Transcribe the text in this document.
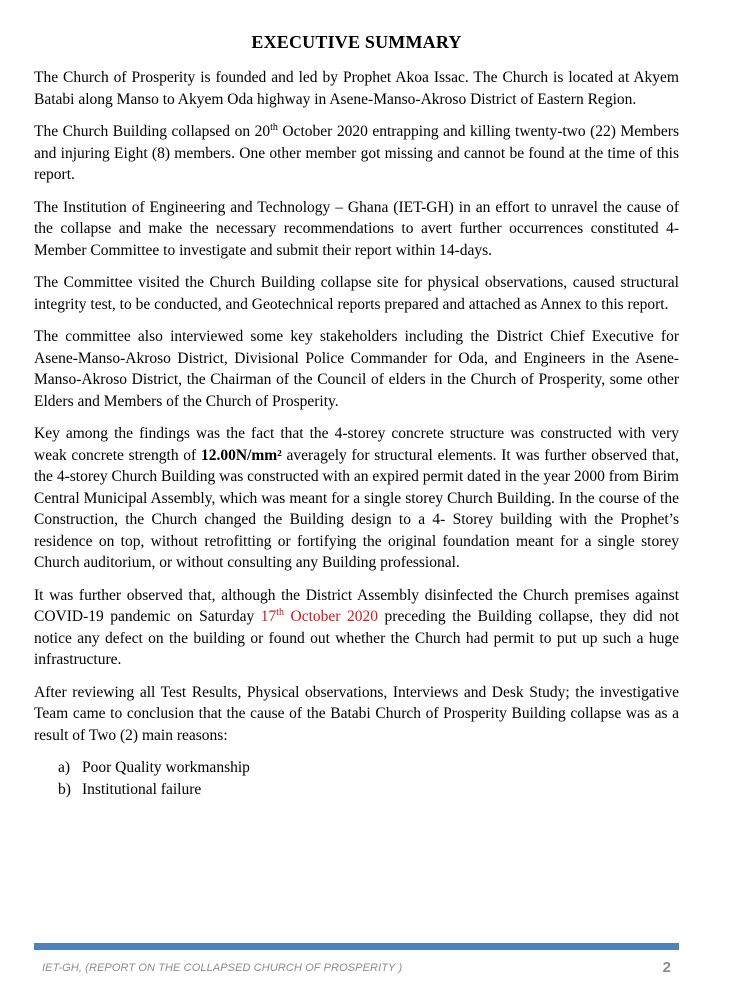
EXECUTIVE SUMMARY

The Church of Prosperity is founded and led by Prophet Akoa Issac. The Church is located at Akyem Batabi along Manso to Akyem Oda highway in Asene-Manso-Akroso District of Eastern Region.

The Church Building collapsed on 20th October 2020 entrapping and killing twenty-two (22) Members and injuring Eight (8) members. One other member got missing and cannot be found at the time of this report.

The Institution of Engineering and Technology – Ghana (IET-GH) in an effort to unravel the cause of the collapse and make the necessary recommendations to avert further occurrences constituted 4-Member Committee to investigate and submit their report within 14-days.

The Committee visited the Church Building collapse site for physical observations, caused structural integrity test, to be conducted, and Geotechnical reports prepared and attached as Annex to this report.

The committee also interviewed some key stakeholders including the District Chief Executive for Asene-Manso-Akroso District, Divisional Police Commander for Oda, and Engineers in the Asene-Manso-Akroso District, the Chairman of the Council of elders in the Church of Prosperity, some other Elders and Members of the Church of Prosperity.

Key among the findings was the fact that the 4-storey concrete structure was constructed with very weak concrete strength of 12.00N/mm² averagely for structural elements. It was further observed that, the 4-storey Church Building was constructed with an expired permit dated in the year 2000 from Birim Central Municipal Assembly, which was meant for a single storey Church Building. In the course of the Construction, the Church changed the Building design to a 4- Storey building with the Prophet’s residence on top, without retrofitting or fortifying the original foundation meant for a single storey Church auditorium, or without consulting any Building professional.

It was further observed that, although the District Assembly disinfected the Church premises against COVID-19 pandemic on Saturday 17th October 2020 preceding the Building collapse, they did not notice any defect on the building or found out whether the Church had permit to put up such a huge infrastructure.

After reviewing all Test Results, Physical observations, Interviews and Desk Study; the investigative Team came to conclusion that the cause of the Batabi Church of Prosperity Building collapse was as a result of Two (2) main reasons:

a) Poor Quality workmanship
b) Institutional failure
IET-GH, (REPORT ON THE COLLAPSED CHURCH OF PROSPERITY )	2
